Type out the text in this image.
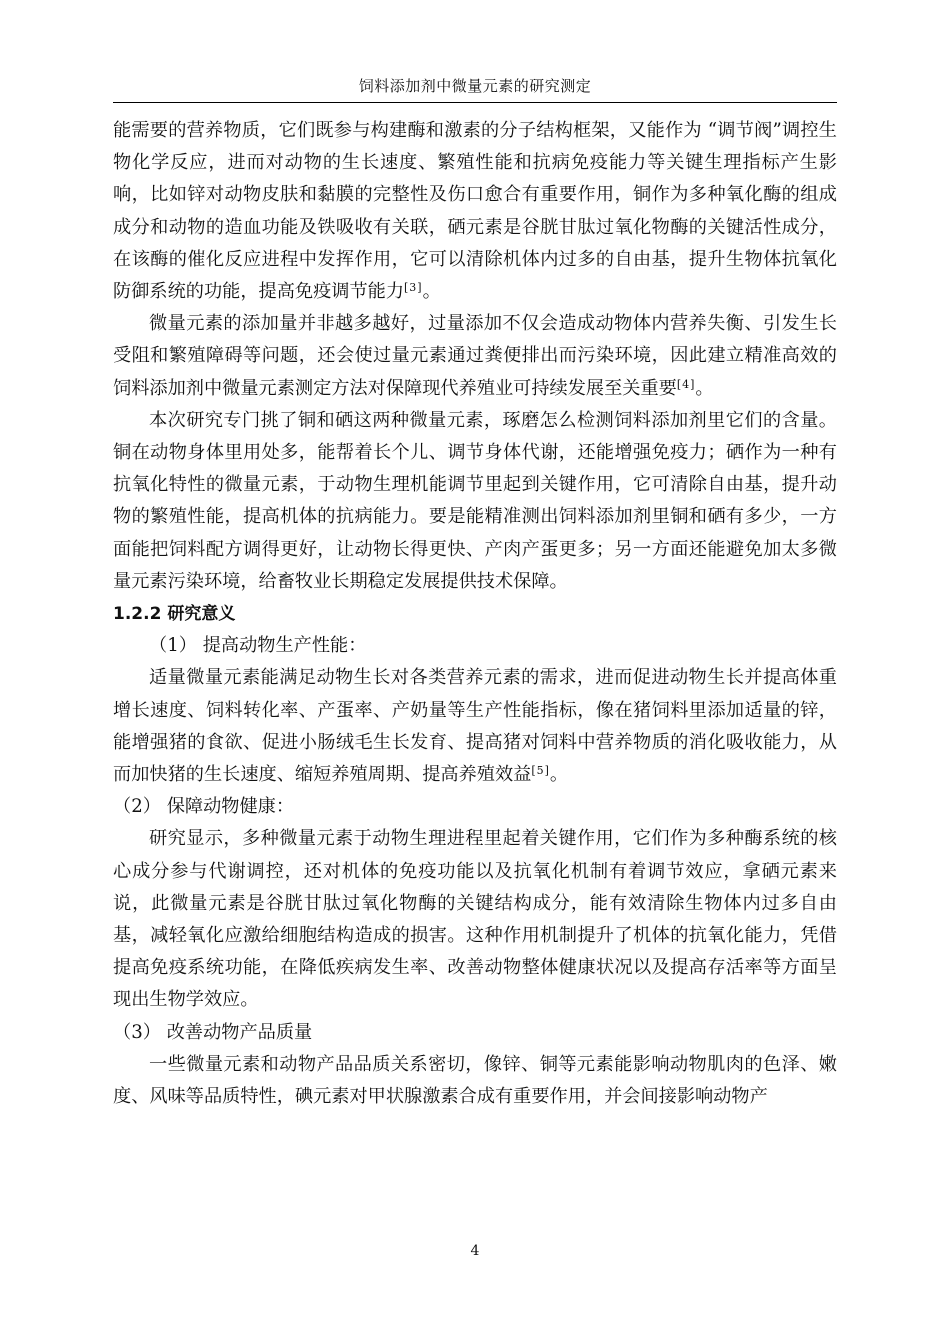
饲料添加剂中微量元素的研究测定

能需要的营养物质，它们既参与构建酶和激素的分子结构框架，又能作为 “调节阀”调控生物化学反应，进而对动物的生长速度、繁殖性能和抗病免疫能力等关键生理指标产生影响，比如锌对动物皮肤和黏膜的完整性及伤口愈合有重要作用，铜作为多种氧化酶的组成成分和动物的造血功能及铁吸收有关联，硒元素是谷胱甘肽过氧化物酶的关键活性成分，在该酶的催化反应进程中发挥作用，它可以清除机体内过多的自由基，提升生物体抗氧化防御系统的功能，提高免疫调节能力[3]。

微量元素的添加量并非越多越好，过量添加不仅会造成动物体内营养失衡、引发生长受阻和繁殖障碍等问题，还会使过量元素通过粪便排出而污染环境，因此建立精准高效的饲料添加剂中微量元素测定方法对保障现代养殖业可持续发展至关重要[4]。

本次研究专门挑了铜和硒这两种微量元素，琢磨怎么检测饲料添加剂里它们的含量。铜在动物身体里用处多，能帮着长个儿、调节身体代谢，还能增强免疫力；硒作为一种有抗氧化特性的微量元素，于动物生理机能调节里起到关键作用，它可清除自由基，提升动物的繁殖性能，提高机体的抗病能力。要是能精准测出饲料添加剂里铜和硒有多少，一方面能把饲料配方调得更好，让动物长得更快、产肉产蛋更多；另一方面还能避免加太多微量元素污染环境，给畜牧业长期稳定发展提供技术保障。

1.2.2 研究意义

（1） 提高动物生产性能：

适量微量元素能满足动物生长对各类营养元素的需求，进而促进动物生长并提高体重增长速度、饲料转化率、产蛋率、产奶量等生产性能指标，像在猪饲料里添加适量的锌，能增强猪的食欲、促进小肠绒毛生长发育、提高猪对饲料中营养物质的消化吸收能力，从而加快猪的生长速度、缩短养殖周期、提高养殖效益[5]。

（2） 保障动物健康：

研究显示，多种微量元素于动物生理进程里起着关键作用，它们作为多种酶系统的核心成分参与代谢调控，还对机体的免疫功能以及抗氧化机制有着调节效应，拿硒元素来说，此微量元素是谷胱甘肽过氧化物酶的关键结构成分，能有效清除生物体内过多自由基，减轻氧化应激给细胞结构造成的损害。这种作用机制提升了机体的抗氧化能力，凭借提高免疫系统功能，在降低疾病发生率、改善动物整体健康状况以及提高存活率等方面呈现出生物学效应。

（3） 改善动物产品质量

一些微量元素和动物产品品质关系密切，像锌、铜等元素能影响动物肌肉的色泽、嫩度、风味等品质特性，碘元素对甲状腺激素合成有重要作用，并会间接影响动物产

4
